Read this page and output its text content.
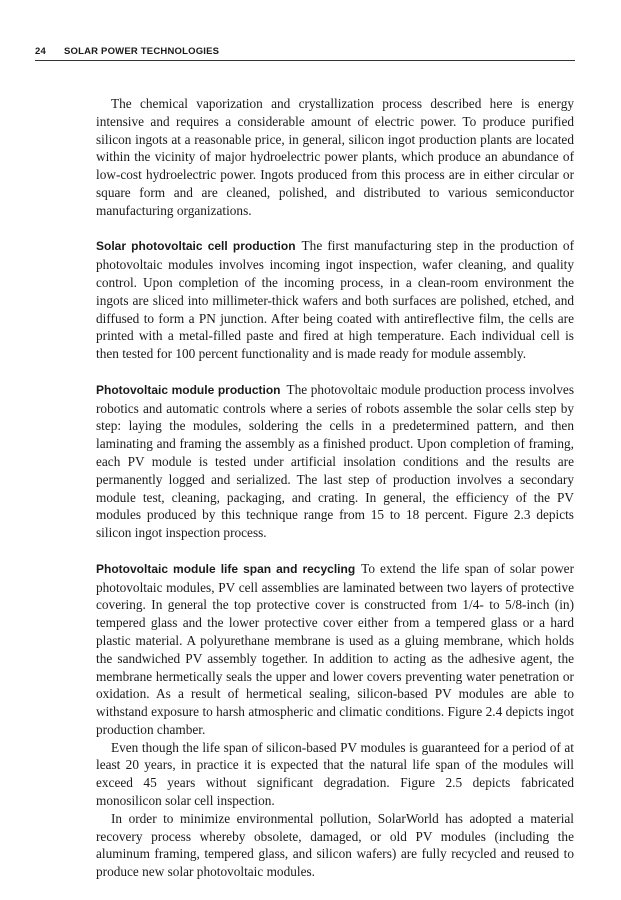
24 SOLAR POWER TECHNOLOGIES

The chemical vaporization and crystallization process described here is energy intensive and requires a considerable amount of electric power. To produce purified silicon ingots at a reasonable price, in general, silicon ingot production plants are located within the vicinity of major hydroelectric power plants, which produce an abundance of low-cost hydroelectric power. Ingots produced from this process are in either circular or square form and are cleaned, polished, and distributed to various semiconductor manufacturing organizations.

Solar photovoltaic cell production The first manufacturing step in the production of photovoltaic modules involves incoming ingot inspection, wafer cleaning, and quality control. Upon completion of the incoming process, in a clean-room environment the ingots are sliced into millimeter-thick wafers and both surfaces are polished, etched, and diffused to form a PN junction. After being coated with antireflective film, the cells are printed with a metal-filled paste and fired at high temperature. Each individual cell is then tested for 100 percent functionality and is made ready for module assembly.

Photovoltaic module production The photovoltaic module production process involves robotics and automatic controls where a series of robots assemble the solar cells step by step: laying the modules, soldering the cells in a predetermined pattern, and then laminating and framing the assembly as a finished product. Upon completion of framing, each PV module is tested under artificial insolation conditions and the results are permanently logged and serialized. The last step of production involves a secondary module test, cleaning, packaging, and crating. In general, the efficiency of the PV modules produced by this technique range from 15 to 18 percent. Figure 2.3 depicts silicon ingot inspection process.

Photovoltaic module life span and recycling To extend the life span of solar power photovoltaic modules, PV cell assemblies are laminated between two layers of protective covering. In general the top protective cover is constructed from 1/4- to 5/8-inch (in) tempered glass and the lower protective cover either from a tempered glass or a hard plastic material. A polyurethane membrane is used as a gluing membrane, which holds the sandwiched PV assembly together. In addition to acting as the adhesive agent, the membrane hermetically seals the upper and lower covers preventing water penetration or oxidation. As a result of hermetical sealing, silicon-based PV modules are able to withstand exposure to harsh atmospheric and climatic conditions. Figure 2.4 depicts ingot production chamber.

Even though the life span of silicon-based PV modules is guaranteed for a period of at least 20 years, in practice it is expected that the natural life span of the modules will exceed 45 years without significant degradation. Figure 2.5 depicts fabricated monosilicon solar cell inspection.

In order to minimize environmental pollution, SolarWorld has adopted a material recovery process whereby obsolete, damaged, or old PV modules (including the aluminum framing, tempered glass, and silicon wafers) are fully recycled and reused to produce new solar photovoltaic modules.
